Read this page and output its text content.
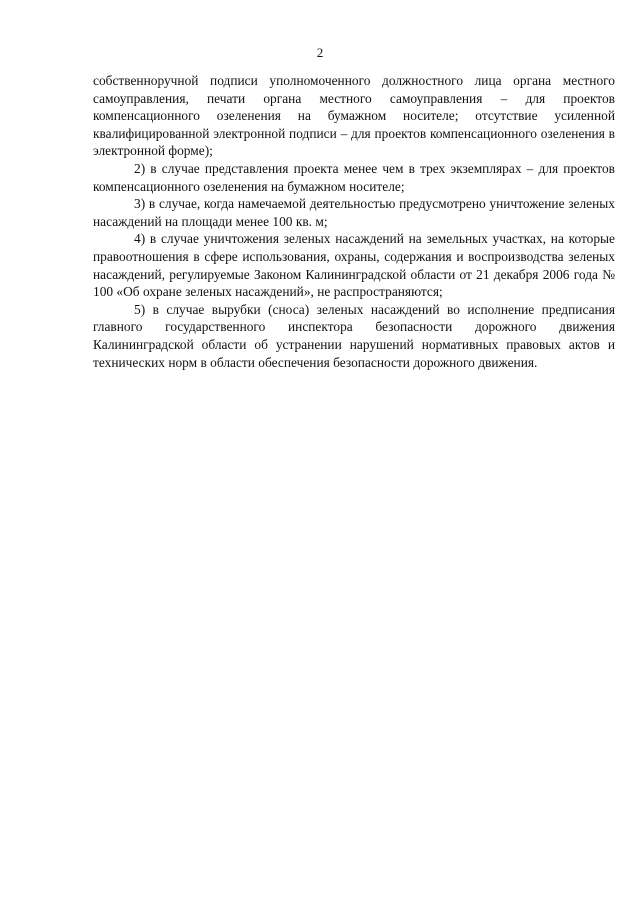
2

собственноручной подписи уполномоченного должностного лица органа местного самоуправления, печати органа местного самоуправления – для проектов компенсационного озеленения на бумажном носителе; отсутствие усиленной квалифицированной электронной подписи – для проектов компенсационного озеленения в электронной форме);

2) в случае представления проекта менее чем в трех экземплярах – для проектов компенсационного озеленения на бумажном носителе;

3) в случае, когда намечаемой деятельностью предусмотрено уничтожение зеленых насаждений на площади менее 100 кв. м;

4) в случае уничтожения зеленых насаждений на земельных участках, на которые правоотношения в сфере использования, охраны, содержания и воспроизводства зеленых насаждений, регулируемые Законом Калининградской области от 21 декабря 2006 года № 100 «Об охране зеленых насаждений», не распространяются;

5) в случае вырубки (сноса) зеленых насаждений во исполнение предписания главного государственного инспектора безопасности дорожного движения Калининградской области об устранении нарушений нормативных правовых актов и технических норм в области обеспечения безопасности дорожного движения.
